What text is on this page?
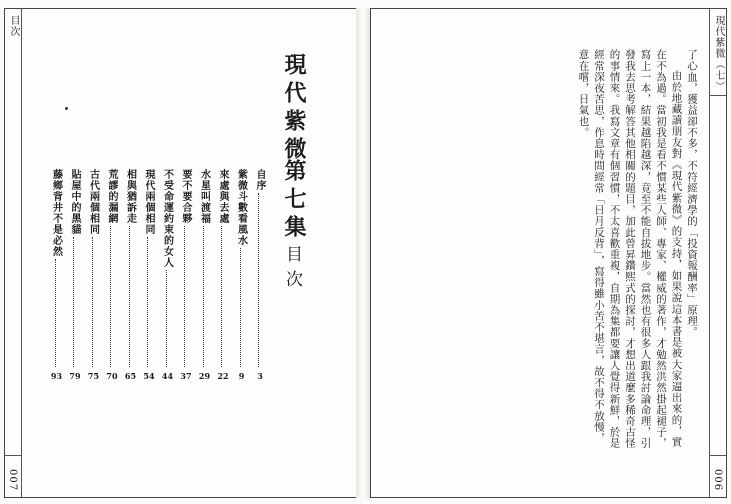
目次
007
現代紫微
第七集
目次
自序
3
紫微斗數看風水
9
來處與去處
22
水星叫渡福
29
要不要合夥
37
不受命運約束的女人
44
現代兩個相同
54
相與猶訴走
65
荒謬的漏網
70
古代兩個相同
75
貼屋中的黑貓
79
藤鄉背井不是必然
93
現代紫微（七）
006

了心血，獲益卻不多，不符經濟學的「投資報酬率」原理。

由於地藏讀朋友對《現代紫微》的支持，如果說這本書是被大家逼出來的，實在不為過。當初我是看不慣某些人師、專家、權威的著作，才勉然洪然掛起褪子，寫上一本，結果越陷越深，竟至不能自拔地步。當然也有很多人跟我討論命理，引發我去思考解答其他相關的題目，加此曾昇鑽熙式的探討，才想出道麼多稀奇古怪的事情來。我寫文章有個習慣，不太喜歡重複，自期為集都要讓人覺得新鮮，於是經常深夜苦思，作息時間經常「日月反背」，寫得雖小苦不堪言，故不得不放慢，意在嚐，日氣也。
